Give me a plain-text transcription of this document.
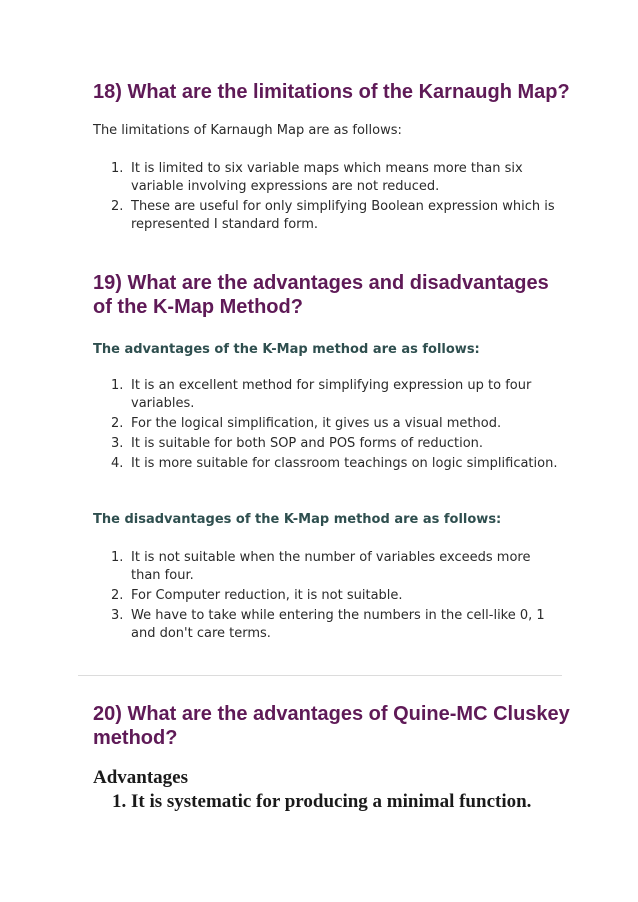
18) What are the limitations of the Karnaugh Map?

The limitations of Karnaugh Map are as follows:

1. It is limited to six variable maps which means more than six variable involving expressions are not reduced.
2. These are useful for only simplifying Boolean expression which is represented I standard form.
19) What are the advantages and disadvantages of the K-Map Method?

The advantages of the K-Map method are as follows:

1. It is an excellent method for simplifying expression up to four variables.
2. For the logical simplification, it gives us a visual method.
3. It is suitable for both SOP and POS forms of reduction.
4. It is more suitable for classroom teachings on logic simplification.

The disadvantages of the K-Map method are as follows:

1. It is not suitable when the number of variables exceeds more than four.
2. For Computer reduction, it is not suitable.
3. We have to take while entering the numbers in the cell-like 0, 1 and don't care terms.
20) What are the advantages of Quine-MC Cluskey method?

Advantages

1. It is systematic for producing a minimal function.
